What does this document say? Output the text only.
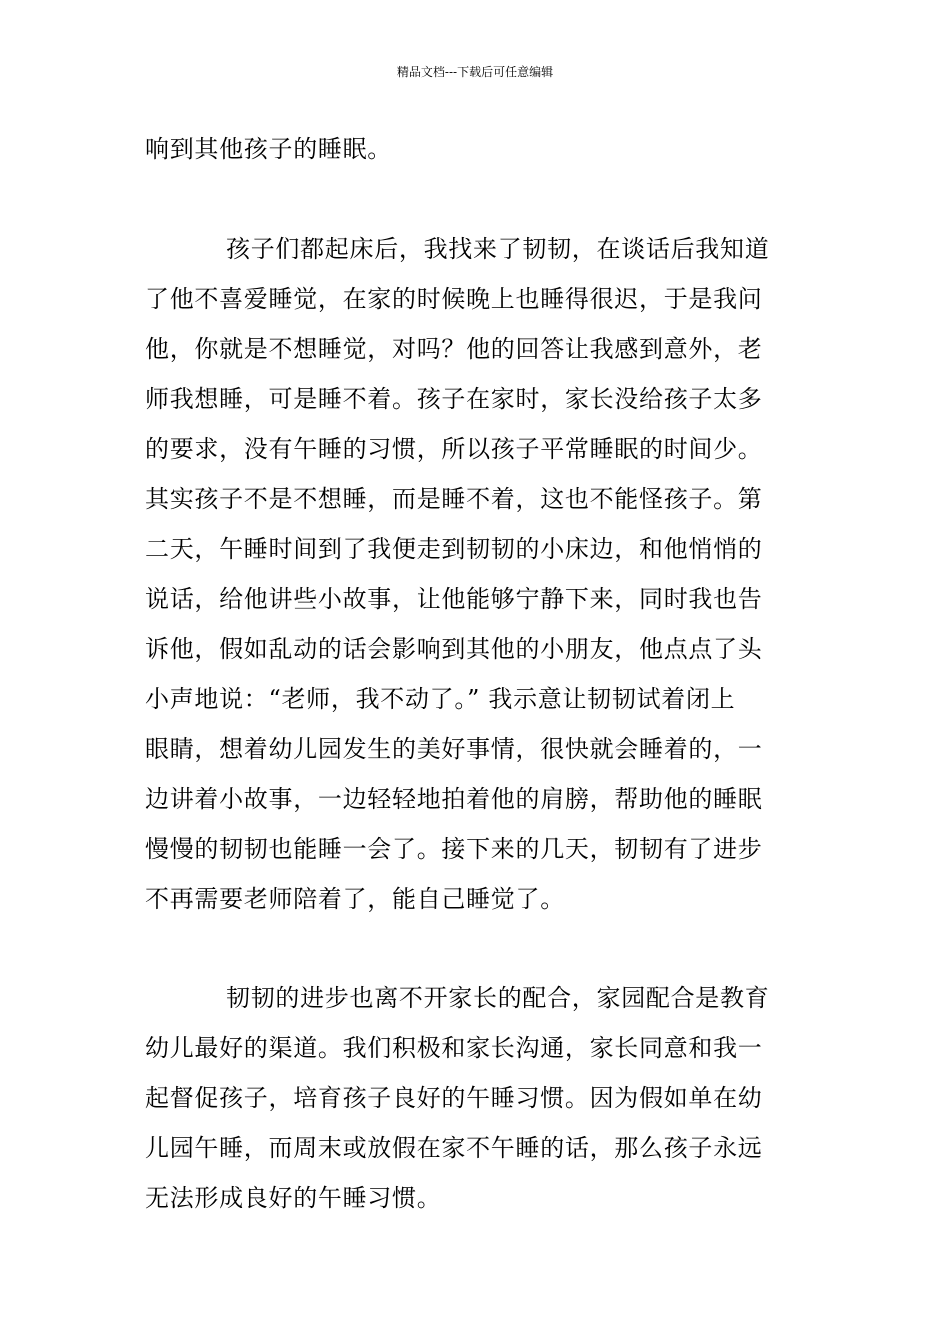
精品文档---下载后可任意编辑
响到其他孩子的睡眠。
孩子们都起床后，我找来了韧韧，在谈话后我知道
了他不喜爱睡觉，在家的时候晚上也睡得很迟，于是我问
他，你就是不想睡觉，对吗？他的回答让我感到意外，老
师我想睡，可是睡不着。孩子在家时，家长没给孩子太多
的要求，没有午睡的习惯，所以孩子平常睡眠的时间少。
其实孩子不是不想睡，而是睡不着，这也不能怪孩子。第
二天，午睡时间到了我便走到韧韧的小床边，和他悄悄的
说话，给他讲些小故事，让他能够宁静下来，同时我也告
诉他，假如乱动的话会影响到其他的小朋友，他点点了头
小声地说：“老师，我不动了。” 我示意让韧韧试着闭上
眼睛，想着幼儿园发生的美好事情，很快就会睡着的，一
边讲着小故事，一边轻轻地拍着他的肩膀，帮助他的睡眠
慢慢的韧韧也能睡一会了。接下来的几天，韧韧有了进步
不再需要老师陪着了，能自己睡觉了。
韧韧的进步也离不开家长的配合，家园配合是教育
幼儿最好的渠道。我们积极和家长沟通，家长同意和我一
起督促孩子，培育孩子良好的午睡习惯。因为假如单在幼
儿园午睡，而周末或放假在家不午睡的话，那么孩子永远
无法形成良好的午睡习惯。
